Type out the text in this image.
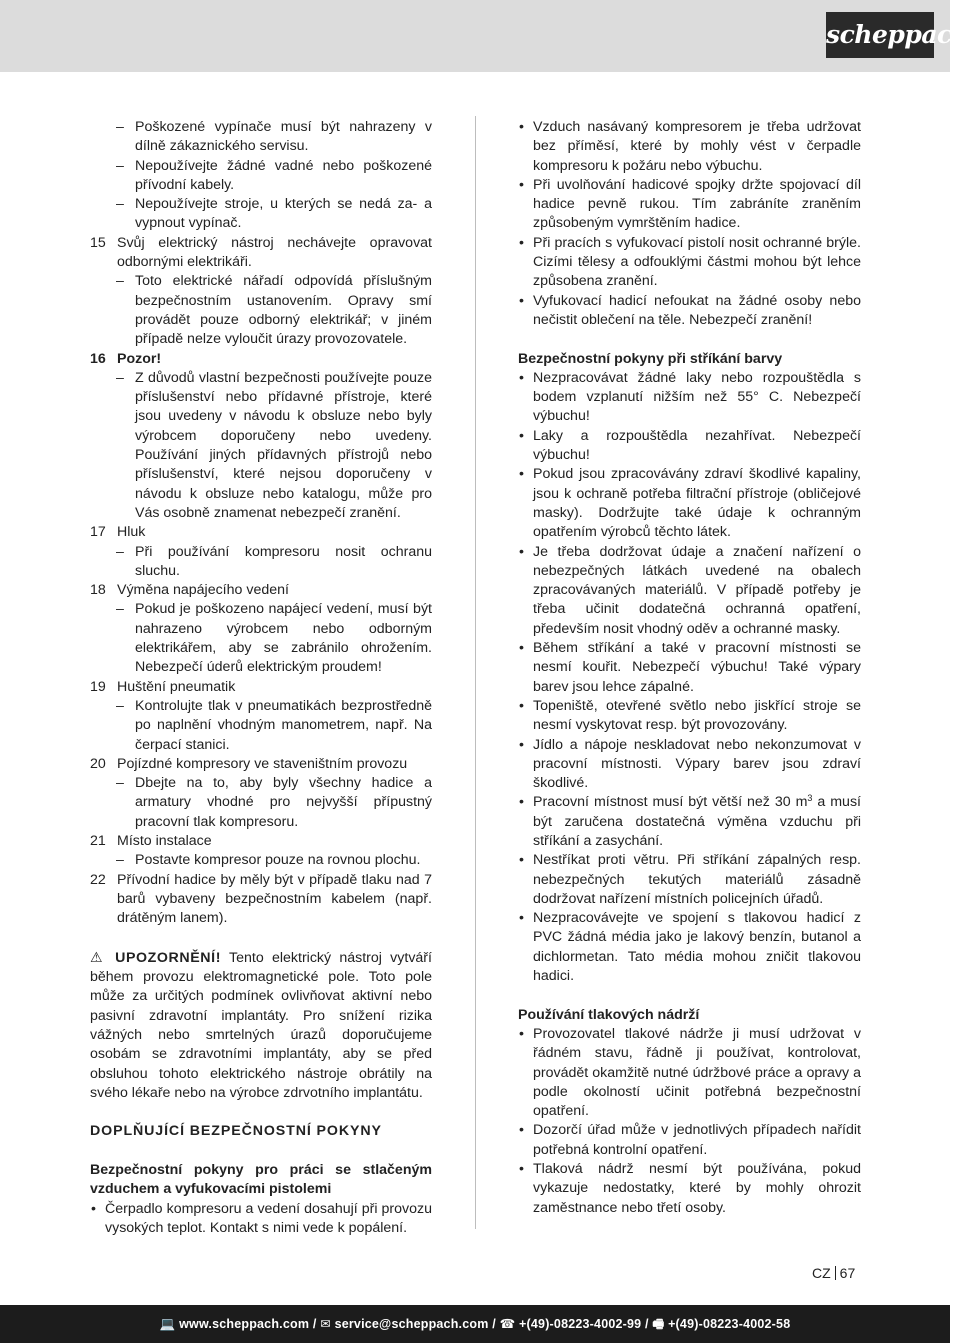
scheppach
– Poškozené vypínače musí být nahrazeny v dílně zákaznického servisu.
– Nepoužívejte žádné vadné nebo poškozené přívodní kabely.
– Nepoužívejte stroje, u kterých se nedá za- a vypnout vypínač.
15 Svůj elektrický nástroj nechávejte opravovat odbornými elektrikáři.
– Toto elektrické nářadí odpovídá příslušným bezpečnostním ustanovením. Opravy smí provádět pouze odborný elektrikář; v jiném případě nelze vyloučit úrazy provozovatele.
16 Pozor!
– Z důvodů vlastní bezpečnosti používejte pouze příslušenství nebo přídavné přístroje, které jsou uvedeny v návodu k obsluze nebo byly výrobcem doporučeny nebo uvedeny. Používání jiných přídavných přístrojů nebo příslušenství, které nejsou doporučeny v návodu k obsluze nebo katalogu, může pro Vás osobně znamenat nebezpečí zranění.
17 Hluk
– Při používání kompresoru nosit ochranu sluchu.
18 Výměna napájecího vedení
– Pokud je poškozeno napájecí vedení, musí být nahrazeno výrobcem nebo odborným elektrikářem, aby se zabránilo ohrožením. Nebezpečí úderů elektrickým proudem!
19 Huštění pneumatik
– Kontrolujte tlak v pneumatikách bezprostředně po naplnění vhodným manometrem, např. Na čerpací stanici.
20 Pojízdné kompresory ve staveništním provozu
– Dbejte na to, aby byly všechny hadice a armatury vhodné pro nejvyšší přípustný pracovní tlak kompresoru.
21 Místo instalace
– Postavte kompresor pouze na rovnou plochu.
22 Přívodní hadice by měly být v případě tlaku nad 7 barů vybaveny bezpečnostním kabelem (např. drátěným lanem).
⚠ UPOZORNĚNÍ! Tento elektrický nástroj vytváří během provozu elektromagnetické pole. Toto pole může za určitých podmínek ovlivňovat aktivní nebo pasivní zdravotní implantáty. Pro snížení rizika vážných nebo smrtelných úrazů doporučujeme osobám se zdravotními implantáty, aby se před obsluhou tohoto elektrického nástroje obrátily na svého lékaře nebo na výrobce zdrvotního implantátu.
DOPLŇUJÍCÍ BEZPEČNOSTNÍ POKYNY
Bezpečnostní pokyny pro práci se stlačeným vzduchem a vyfukovacími pistolemi
• Čerpadlo kompresoru a vedení dosahují při provozu vysokých teplot. Kontakt s nimi vede k popálení.
• Vzduch nasávaný kompresorem je třeba udržovat bez příměsí, které by mohly vést v čerpadle kompresoru k požáru nebo výbuchu.
• Při uvolňování hadicové spojky držte spojovací díl hadice pevně rukou. Tím zabráníte zraněním způsobeným vymrštěním hadice.
• Při pracích s vyfukovací pistolí nosit ochranné brýle. Cizími tělesy a odfouklými částmi mohou být lehce způsobena zranění.
• Vyfukovací hadicí nefoukat na žádné osoby nebo nečistit oblečení na těle. Nebezpečí zranění!
Bezpečnostní pokyny při stříkání barvy
• Nezpracovávat žádné laky nebo rozpouštědla s bodem vzplanutí nižším než 55° C. Nebezpečí výbuchu!
• Laky a rozpouštědla nezahřívat. Nebezpečí výbuchu!
• Pokud jsou zpracovávány zdraví škodlivé kapaliny, jsou k ochraně potřeba filtrační přístroje (obličejové masky). Dodržujte také údaje k ochranným opatřením výrobců těchto látek.
• Je třeba dodržovat údaje a značení nařízení o nebezpečných látkách uvedené na obalech zpracovávaných materiálů. V případě potřeby je třeba učinit dodatečná ochranná opatření, především nosit vhodný oděv a ochranné masky.
• Během stříkání a také v pracovní místnosti se nesmí kouřit. Nebezpečí výbuchu! Také výpary barev jsou lehce zápalné.
• Topeniště, otevřené světlo nebo jiskřící stroje se nesmí vyskytovat resp. být provozovány.
• Jídlo a nápoje neskladovat nebo nekonzumovat v pracovní místnosti. Výpary barev jsou zdraví škodlivé.
• Pracovní místnost musí být větší než 30 $m^3$ a musí být zaručena dostatečná výměna vzduchu při stříkání a zasychání.
• Nestříkat proti větru. Při stříkání zápalných resp. nebezpečných tekutých materiálů zásadně dodržovat nařízení místních policejních úřadů.
• Nezpracovávejte ve spojení s tlakovou hadicí z PVC žádná média jako je lakový benzín, butanol a dichlormetan. Tato média mohou zničit tlakovou hadici.
Používání tlakových nádrží
• Provozovatel tlakové nádrže ji musí udržovat v řádném stavu, řádně ji používat, kontrolovat, provádět okamžitě nutné údržbové práce a opravy a podle okolností učinit potřebná bezpečnostní opatření.
• Dozorčí úřad může v jednotlivých případech nařídit potřebná kontrolní opatření.
• Tlaková nádrž nesmí být používána, pokud vykazuje nedostatky, které by mohly ohrozit zaměstnance nebo třetí osoby.
CZ 67
💻 www.scheppach.com / ✉ service@scheppach.com / ☎ +(49)-08223-4002-99 / 🖷 +(49)-08223-4002-58
